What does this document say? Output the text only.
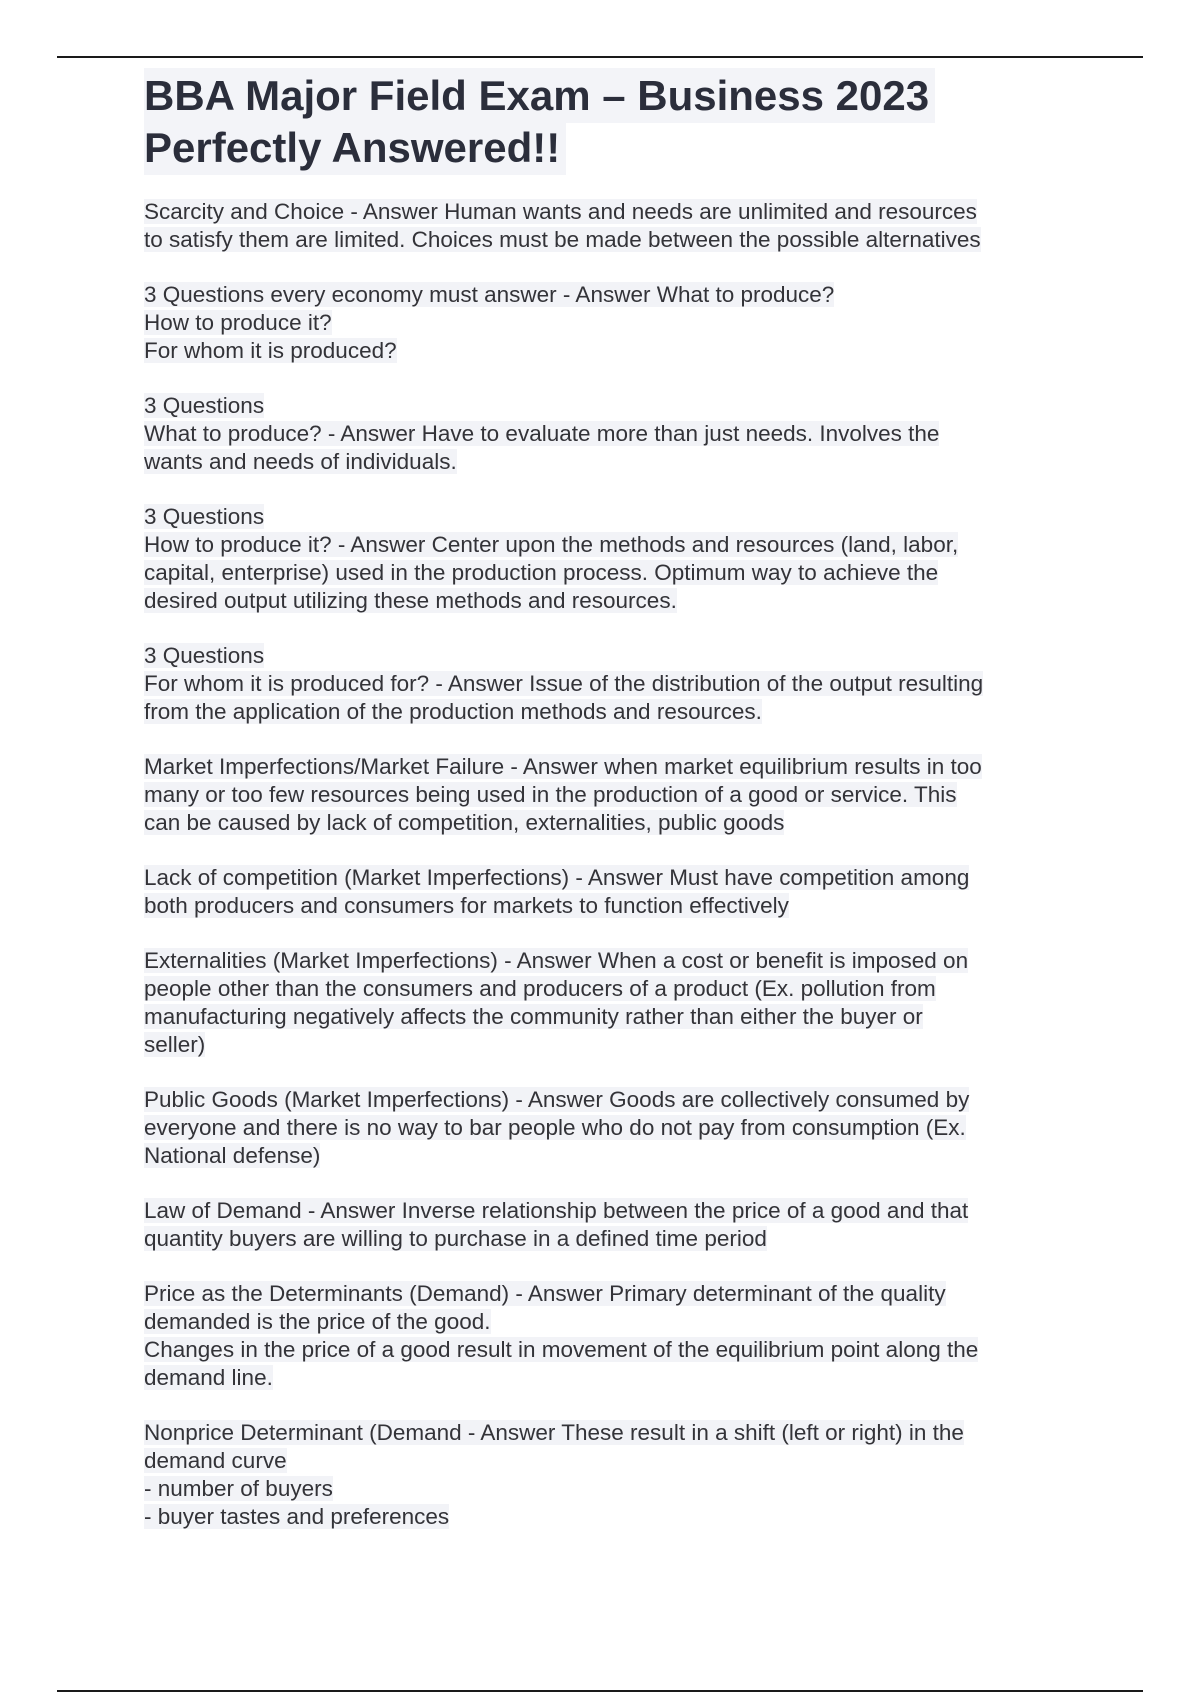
BBA Major Field Exam – Business 2023
Perfectly Answered!!
Scarcity and Choice - Answer Human wants and needs are unlimited and resources
to satisfy them are limited. Choices must be made between the possible alternatives
3 Questions every economy must answer - Answer What to produce?
How to produce it?
For whom it is produced?
3 Questions
What to produce? - Answer Have to evaluate more than just needs. Involves the
wants and needs of individuals.
3 Questions
How to produce it? - Answer Center upon the methods and resources (land, labor,
capital, enterprise) used in the production process. Optimum way to achieve the
desired output utilizing these methods and resources.
3 Questions
For whom it is produced for? - Answer Issue of the distribution of the output resulting
from the application of the production methods and resources.
Market Imperfections/Market Failure - Answer when market equilibrium results in too
many or too few resources being used in the production of a good or service. This
can be caused by lack of competition, externalities, public goods
Lack of competition (Market Imperfections) - Answer Must have competition among
both producers and consumers for markets to function effectively
Externalities (Market Imperfections) - Answer When a cost or benefit is imposed on
people other than the consumers and producers of a product (Ex. pollution from
manufacturing negatively affects the community rather than either the buyer or
seller)
Public Goods (Market Imperfections) - Answer Goods are collectively consumed by
everyone and there is no way to bar people who do not pay from consumption (Ex.
National defense)
Law of Demand - Answer Inverse relationship between the price of a good and that
quantity buyers are willing to purchase in a defined time period
Price as the Determinants (Demand) - Answer Primary determinant of the quality
demanded is the price of the good.
Changes in the price of a good result in movement of the equilibrium point along the
demand line.
Nonprice Determinant (Demand - Answer These result in a shift (left or right) in the
demand curve
- number of buyers
- buyer tastes and preferences
